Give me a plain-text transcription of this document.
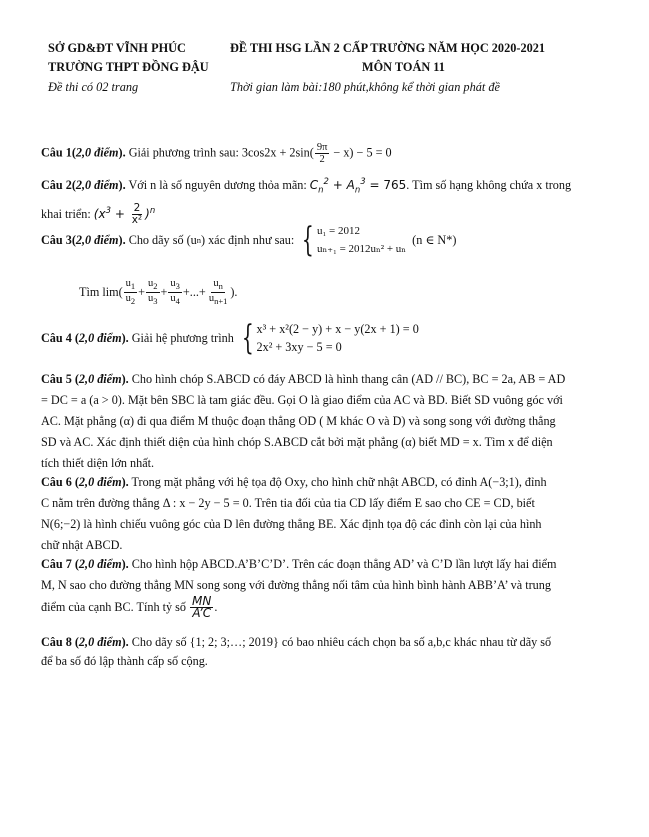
SỞ GD&ĐT VĨNH PHÚC
TRƯỜNG THPT ĐỒNG ĐẬU
Đề thi có 02 trang
ĐỀ THI HSG LẦN 2 CẤP TRƯỜNG NĂM HỌC 2020-2021
MÔN TOÁN 11
Thời gian làm bài:180 phút,không kể thời gian phát đề

Câu 1(2,0 điểm). Giải phương trình sau: $3\cos 2x + 2\sin( \frac{9\pi}{2} - x) - 5 = 0$

Câu 2(2,0 điểm). Với n là số nguyên dương thỏa mãn: $C_n^2 + A_n^3 = 765$. Tìm số hạng không chứa x trong

khai triển: $(x^3 + \frac{2}{\text{x²}} )^n$

Câu 3(2,0 điểm).
Cho dãy số (u n ) xác định như sau:
{ u₁ = 2012
uₙ₊₁ = 2012uₙ² + uₙ

(n ∈ N*)

Tìm $\lim( \frac{u_1}{u_2} + \frac{u_2}{u_3} + \frac{u_3}{u_4}$ +...+ $\frac{u_n}{u_{n+1}}$ ).

Câu 4 (2,0 điểm).
Giải hệ phương trình
{ x³ + x²(2 − y) + x − y(2x + 1) = 0
2x² + 3xy − 5 = 0

Câu 5 (2,0 điểm). Cho hình chóp S.ABCD có đáy ABCD là hình thang cân (AD // BC), BC = 2a, AB = AD

= DC = a (a > 0). Mặt bên SBC là tam giác đều. Gọi O là giao điểm của AC và BD. Biết SD vuông góc với

AC. Mặt phẳng (α) đi qua điểm M thuộc đoạn thẳng OD ( M khác O và D) và song song với đường thẳng

SD và AC. Xác định thiết diện của hình chóp S.ABCD cắt bởi mặt phẳng (α) biết MD = x. Tìm x để diện

tích thiết diện lớn nhất.

Câu 6 (2,0 điểm). Trong mặt phẳng với hệ tọa độ Oxy, cho hình chữ nhật ABCD, có đỉnh A(−3;1), đỉnh

C nằm trên đường thẳng Δ : x − 2y − 5 = 0. Trên tia đối của tia CD lấy điểm E sao cho CE = CD, biết

N(6;−2) là hình chiếu vuông góc của D lên đường thẳng BE. Xác định tọa độ các đỉnh còn lại của hình

chữ nhật ABCD.

Câu 7 (2,0 điểm). Cho hình hộp ABCD.A’B’C’D’. Trên các đoạn thẳng AD’ và C’D lần lượt lấy hai điểm

M, N sao cho đường thẳng MN song song với đường thẳng nối tâm của hình bình hành ABB’A’ và trung

điểm của cạnh BC. Tính tỷ số
$\frac{MN}{A’C}$ .

Câu 8 (2,0 điểm). Cho dãy số {1; 2; 3;…; 2019} có bao nhiêu cách chọn ba số a,b,c khác nhau từ dãy số

để ba số đó lập thành cấp số cộng.
